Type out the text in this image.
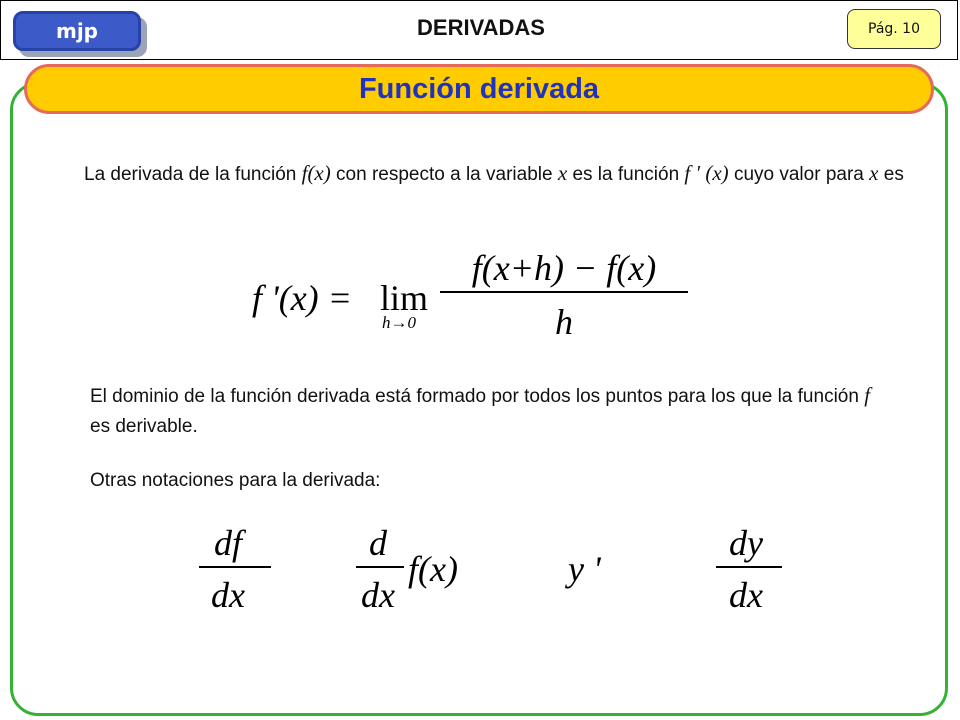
mjp	DERIVADAS	Pág. 10
Función derivada
La derivada de la función f(x) con respecto a la variable x es la función f ′ (x) cuyo valor para x es
f '(x) = lim
h→0
f(x+h) − f(x)
h
El dominio de la función derivada está formado por todos los puntos para los que la función f es derivable.
Otras notaciones para la derivada:
df
dx
d
dx
f(x)	y '
dy
dx
